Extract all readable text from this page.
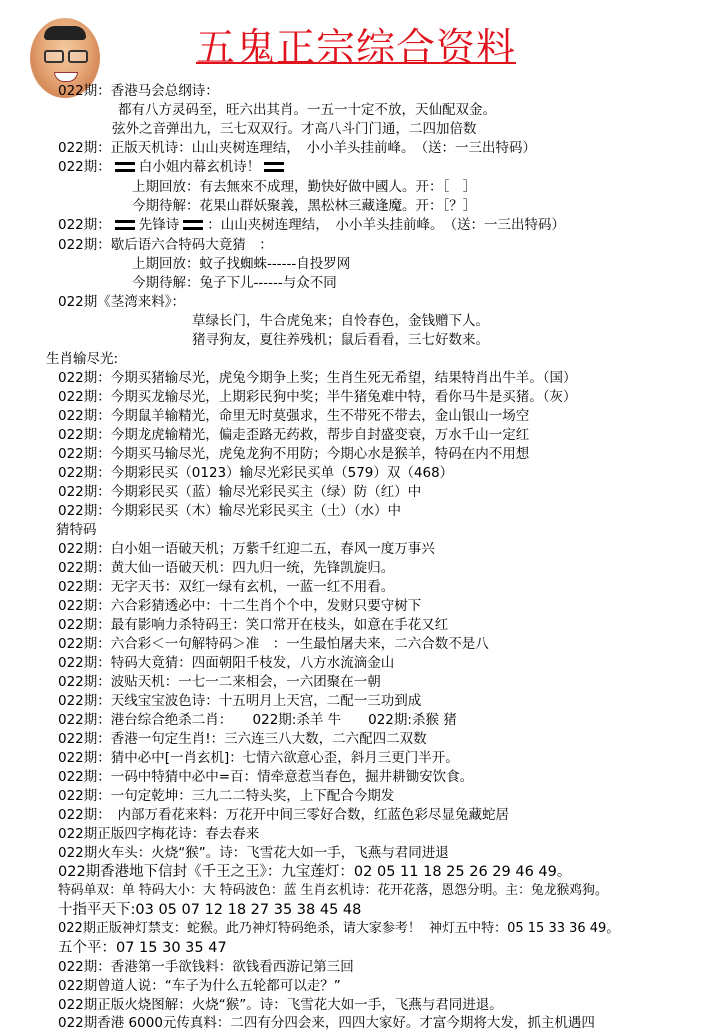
五鬼正宗综合资料
022期：香港马会总纲诗：
都有八方灵码至，旺六出其肖。一五一十定不放，天仙配双金。
弦外之音弹出九，三七双双行。才高八斗门门通，二四加倍数
022期：正版天机诗：山山夹树连理结，　小小羊头挂前峰。　（送：一三出特码）
022期： 白小姐内幕玄机诗！
上期回放：有去無來不成理，勤快好做中國人。开：［　］
今期待解：花果山群妖聚義，黑松林三藏逢魔。开：［？］
022期： 先锋诗 ：山山夹树连理结，　小小羊头挂前峰。　（送：一三出特码）
022期：歇后语六合特码大竟猜　：
上期回放：蚊子找蜘蛛------自投罗网
今期待解：兔子下儿------与众不同
022期《茎湾来料》：
草绿长门，牛合虎兔来；自怜春色，金钱赠下人。
猪寻狗友，夏往养残机；鼠后看看，三七好数来。
生肖输尽光:
022期：今期买猪输尽光，虎兔今期争上奖；生肖生死无希望，结果特肖出牛羊。（国）
022期：今期买龙输尽光，上期彩民狗中奖；半牛猪兔难中特，看你马牛是买猪。（灰）
022期：今期鼠羊输精光，命里无时莫强求，生不带死不带去，金山银山一场空
022期：今期龙虎输精光，偏走歪路无药救，帮步自封盛变衰，万水千山一定红
022期：今期买马输尽光，虎兔龙狗不用防；今期心水是猴羊，特码在内不用想
022期：今期彩民买（0123）输尽光彩民买单（579）双（468）
022期：今期彩民买（蓝）输尽光彩民买主（绿）防（红）中
022期：今期彩民买（木）输尽光彩民买主（土）（水）中
猜特码
022期：白小姐一语破天机；万紫千红迎二五，春风一度万事兴
022期：黄大仙一语破天机：四九归一统，先锋凯旋归。
022期：无字天书：双红一绿有玄机，一蓝一红不用看。
022期：六合彩猜透必中：十二生肖个个中，发财只要守树下
022期：最有影响力杀特码王：笑口常开在枝头，如意在手花又红
022期：六合彩＜一句解特码＞准　：一生最怕屠夫来，二六合数不是八
022期：特码大竟猜：四面朝阳千枝发，八方水流滴金山
022期：波贴天机：一七一二来相会，一六团聚在一朝
022期：天线宝宝波色诗：十五明月上天宫，二配一三功到成
022期：港台综合绝杀二肖：　　022期:杀羊 牛　　022期:杀猴 猪
022期：香港一句定生肖!：三六连三八大数，二六配四二双数
022期：猜中必中[一肖玄机]：七情六欲意心歪，斜月三更门半开。
022期：一码中特猜中必中=百：情牵意惹当春色，掘井耕锄安饮食。
022期：一句定乾坤：三九二二特头奖，上下配合今期发
022期：　内部万看花来料：万花开中间三零好合数，红蓝色彩尽显兔藏蛇居
022期正版四字梅花诗：春去春来
022期火车头：火烧“猴”。诗：飞雪花大如一手，飞燕与君同进退
022期香港地下信封《千王之王》：九宝莲灯：02 05 11 18 25 26 29 46 49。
特码单双：单 特码大小：大 特码波色：蓝 生肖玄机诗：花开花落，恩怨分明。主：兔龙猴鸡狗。
十指平天下:03 05 07 12 18 27 35 38 45 48
022期正版神灯禁支：蛇猴。此乃神灯特码绝杀，请大家参考！ 神灯五中特：05 15 33 36 49。
五个平：07 15 30 35 47
022期：香港第一手欲钱料：欲钱看西游记第三回
022期曾道人说：“车子为什么五轮都可以走？”
022期正版火烧图解：火烧“猴”。诗：飞雪花大如一手，飞燕与君同进退。
022期香港 6000元传真料：二四有分四会来，四四大家好。才富今期将大发，抓主机遇四
